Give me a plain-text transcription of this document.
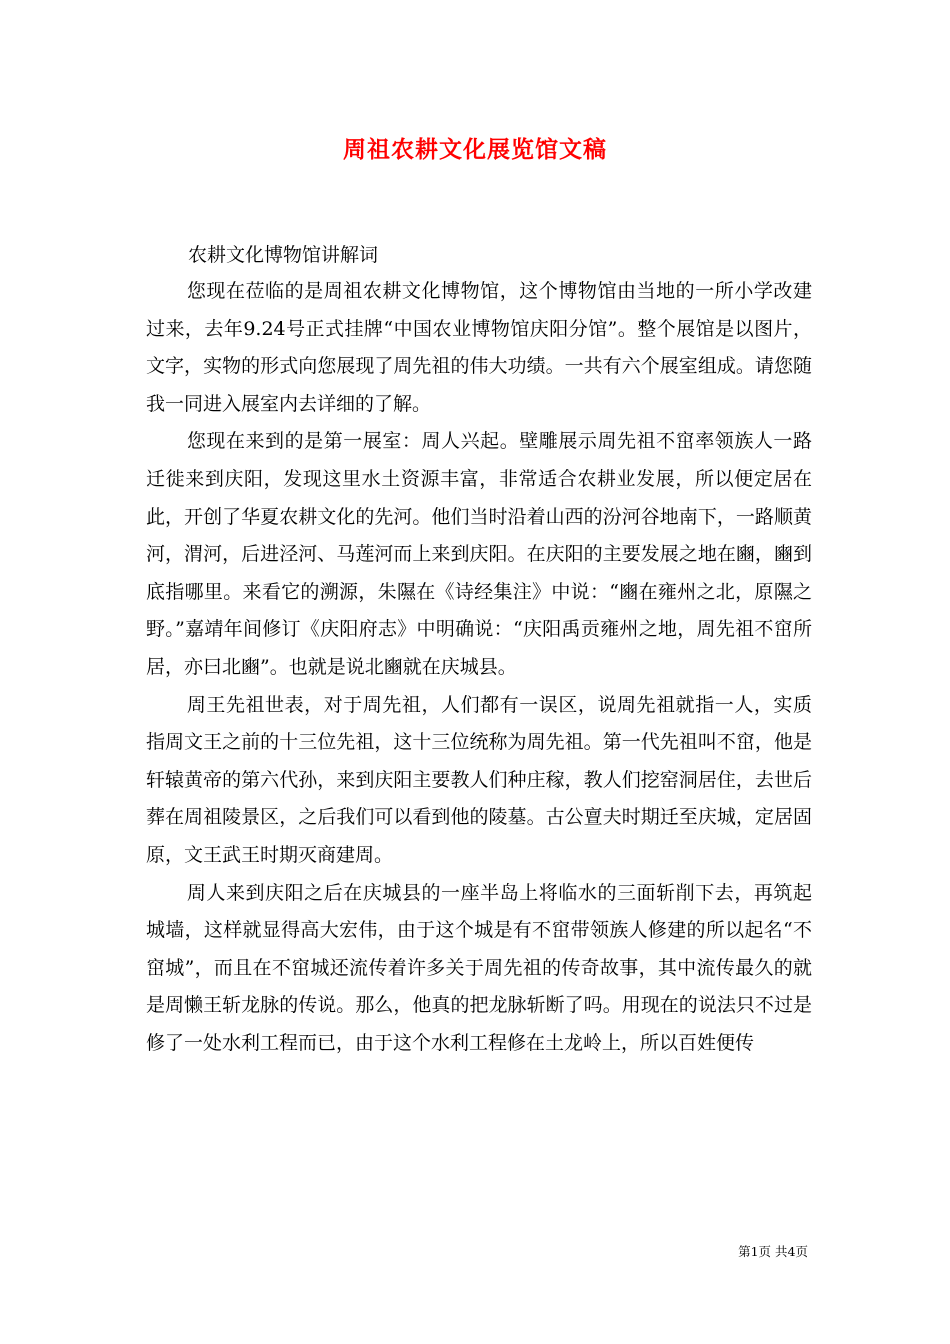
周祖农耕文化展览馆文稿
农耕文化博物馆讲解词

您现在莅临的是周祖农耕文化博物馆，这个博物馆由当地的一所小学改建过来，去年9.24号正式挂牌“中国农业博物馆庆阳分馆”。整个展馆是以图片，文字，实物的形式向您展现了周先祖的伟大功绩。一共有六个展室组成。请您随我一同进入展室内去详细的了解。

您现在来到的是第一展室：周人兴起。壁雕展示周先祖不窋率领族人一路迁徙来到庆阳，发现这里水土资源丰富，非常适合农耕业发展，所以便定居在此，开创了华夏农耕文化的先河。他们当时沿着山西的汾河谷地南下，一路顺黄河，渭河，后进泾河、马莲河而上来到庆阳。在庆阳的主要发展之地在豳，豳到底指哪里。来看它的溯源，朱隰在《诗经集注》中说：“豳在雍州之北，原隰之野。”嘉靖年间修订《庆阳府志》中明确说：“庆阳禹贡雍州之地，周先祖不窋所居，亦曰北豳”。也就是说北豳就在庆城县。

周王先祖世表，对于周先祖，人们都有一误区，说周先祖就指一人，实质指周文王之前的十三位先祖，这十三位统称为周先祖。第一代先祖叫不窋，他是轩辕黄帝的第六代孙，来到庆阳主要教人们种庄稼，教人们挖窑洞居住，去世后葬在周祖陵景区，之后我们可以看到他的陵墓。古公亶夫时期迁至庆城，定居固原，文王武王时期灭商建周。

周人来到庆阳之后在庆城县的一座半岛上将临水的三面斩削下去，再筑起城墙，这样就显得高大宏伟，由于这个城是有不窋带领族人修建的所以起名“不窋城”，而且在不窋城还流传着许多关于周先祖的传奇故事，其中流传最久的就是周懒王斩龙脉的传说。那么，他真的把龙脉斩断了吗。用现在的说法只不过是修了一处水利工程而已，由于这个水利工程修在土龙岭上，所以百姓便传

第1页 共4页
